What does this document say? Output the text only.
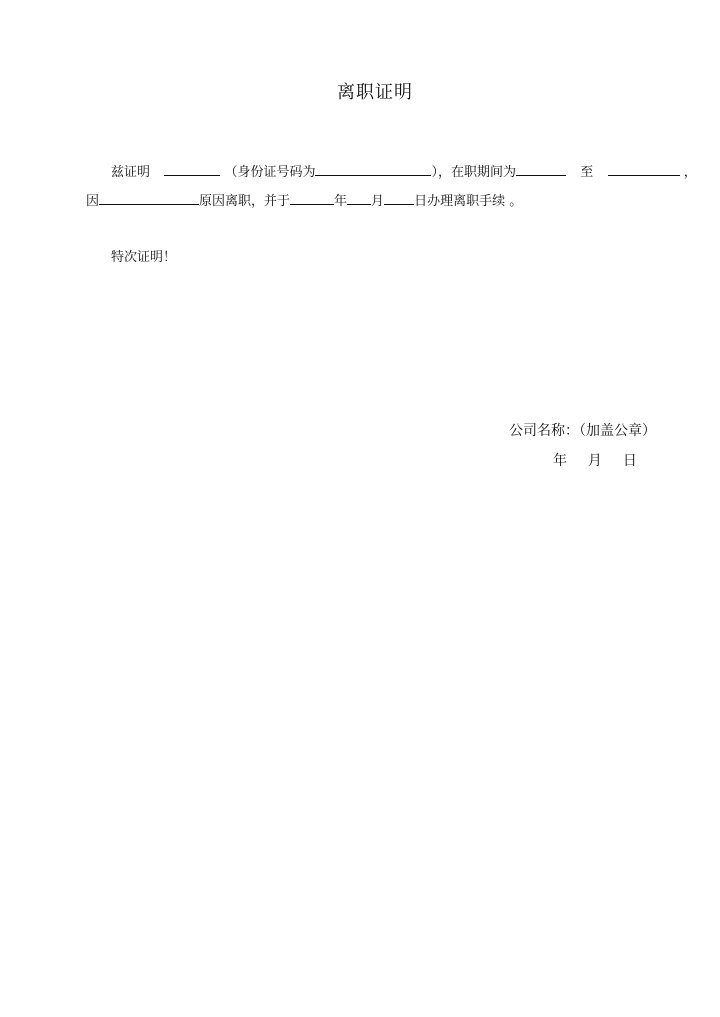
离职证明
兹证明	（身份证号码为	），在职期间为	至	，
因	原因离职，并于	年 月 日办理离职手续 。
特次证明！
公司名称：（加盖公章）
年 月 日
